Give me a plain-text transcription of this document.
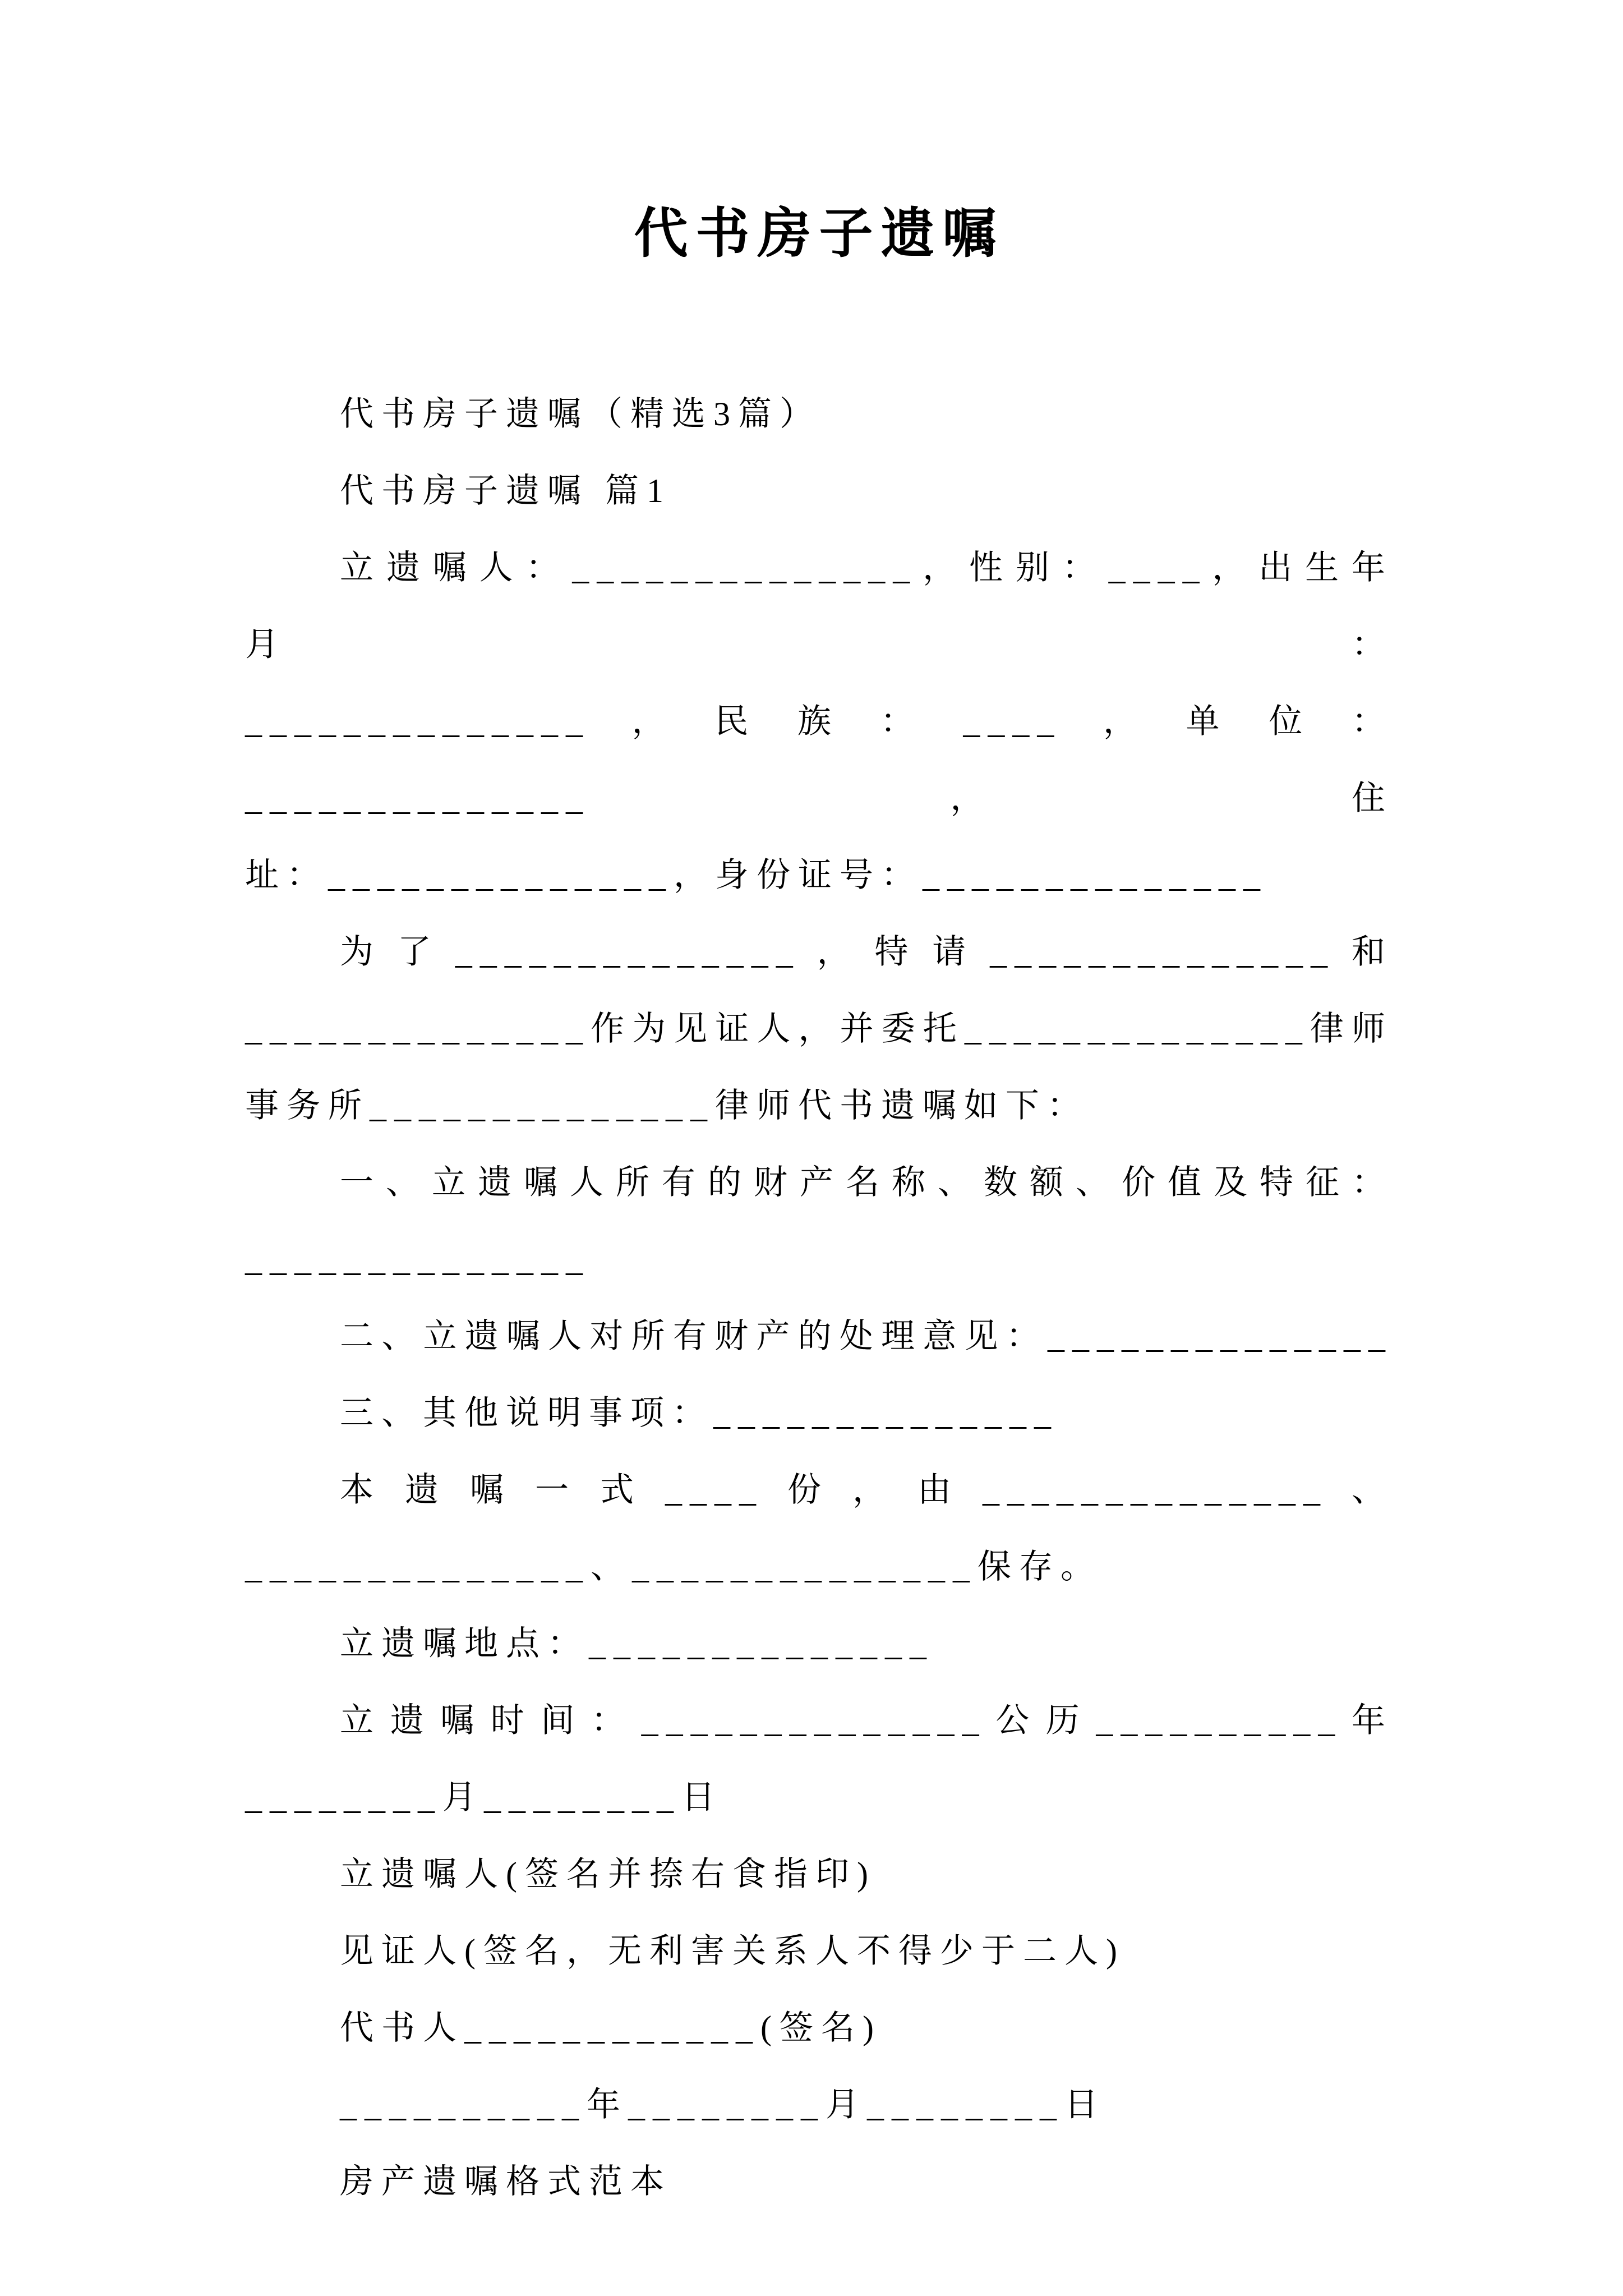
代书房子遗嘱
代书房子遗嘱（精选3篇）
代书房子遗嘱 篇1
立遗嘱人：______________，性别：____，出生年月：
______________，民族：____，单位：______________，住
址：______________，身份证号：______________
为了______________，特请______________和
______________作为见证人，并委托______________律师
事务所______________律师代书遗嘱如下：
一、立遗嘱人所有的财产名称、数额、价值及特征：
______________
二、立遗嘱人对所有财产的处理意见：______________
三、其他说明事项：______________
本遗嘱一式____份，由______________、
______________、______________保存。
立遗嘱地点：______________
立遗嘱时间：______________公历__________年
________月________日
立遗嘱人(签名并捺右食指印)
见证人(签名，无利害关系人不得少于二人)
代书人____________(签名)
__________年________月________日
房产遗嘱格式范本
